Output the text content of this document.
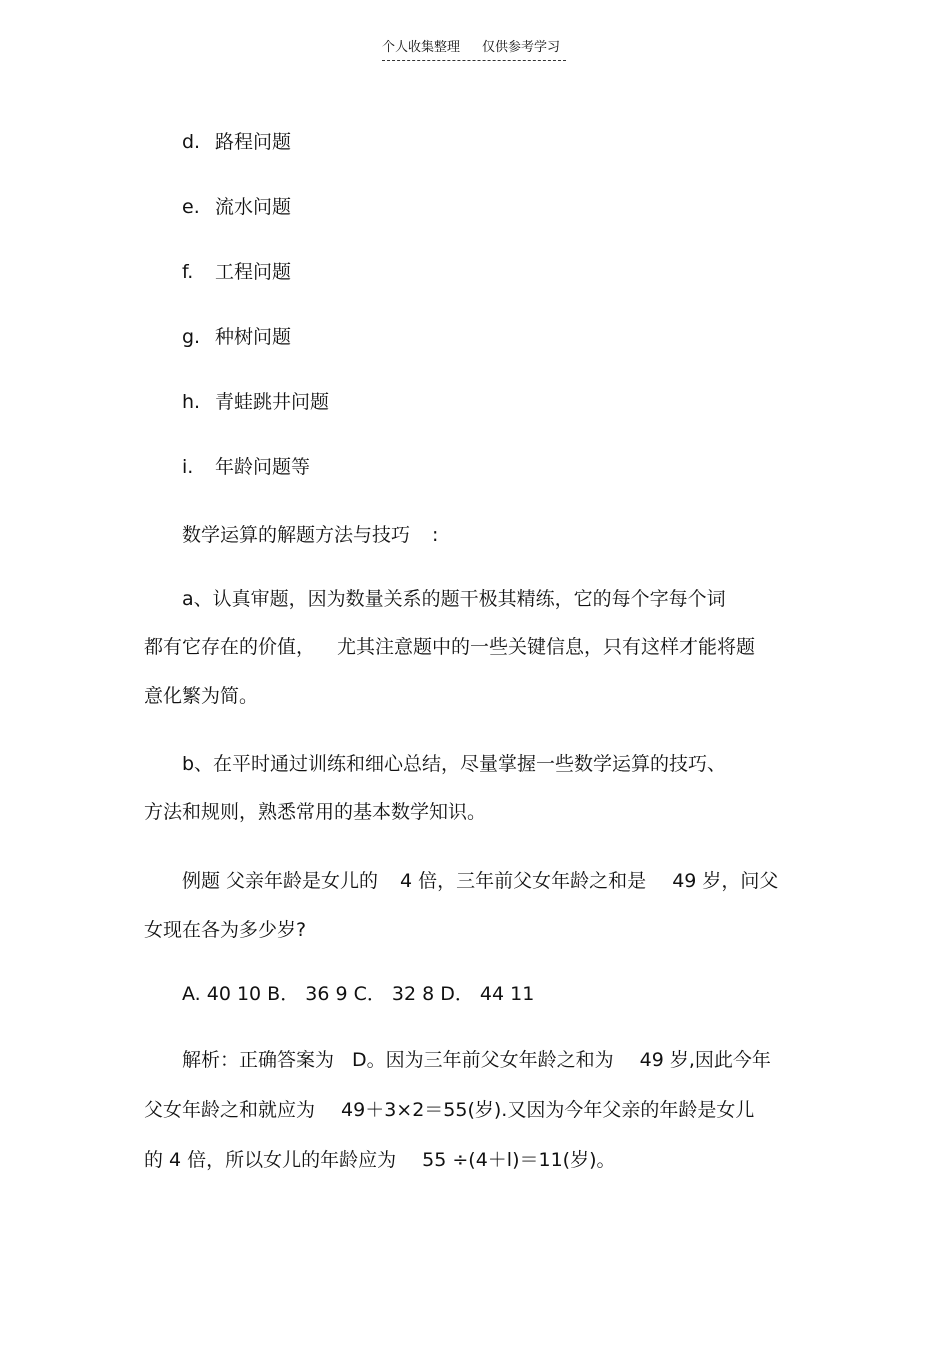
个人收集整理 仅供参考学习
d. 路程问题
e. 流水问题
f. 工程问题
g. 种树问题
h. 青蛙跳井问题
i. 年龄问题等
数学运算的解题方法与技巧 :
a、认真审题，因为数量关系的题干极其精练，它的每个字每个词
都有它存在的价值， 尤其注意题中的一些关键信息，只有这样才能将题
意化繁为简。
b、在平时通过训练和细心总结，尽量掌握一些数学运算的技巧、
方法和规则，熟悉常用的基本数学知识。
例题 父亲年龄是女儿的 4 倍，三年前父女年龄之和是 49 岁，问父
女现在各为多少岁?
A. 40 10 B． 36 9 C． 32 8 D． 44 11
解析：正确答案为 D。因为三年前父女年龄之和为 49 岁,因此今年
父女年龄之和就应为 49＋3×2＝55(岁).又因为今年父亲的年龄是女儿
的 4 倍，所以女儿的年龄应为 55 ÷(4＋l)＝11(岁)。
